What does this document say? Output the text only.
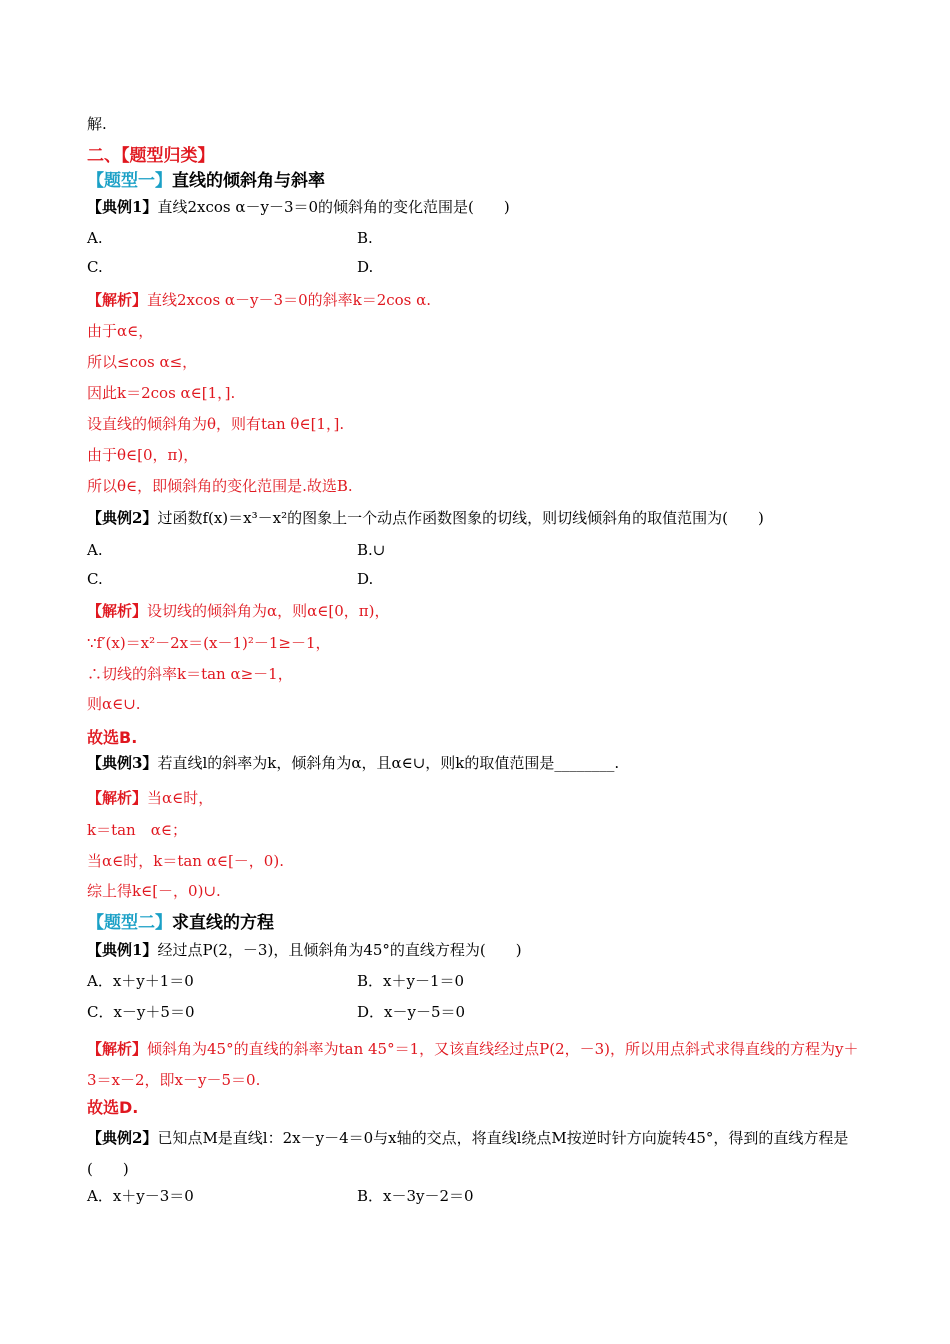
解.
二、【题型归类】
【题型一】直线的倾斜角与斜率
【典例1】直线2xcos α－y－3＝0的倾斜角的变化范围是(　　)
A.	B.
C.	D.
【解析】直线2xcos α－y－3＝0的斜率k＝2cos α.
由于α∈，
所以≤cos α≤，
因此k＝2cos α∈[1，].
设直线的倾斜角为θ，则有tan θ∈[1，].
由于θ∈[0，π)，
所以θ∈，即倾斜角的变化范围是.故选B.
【典例2】过函数f(x)＝x³－x²的图象上一个动点作函数图象的切线，则切线倾斜角的取值范围为(　　)
A.	B.∪
C.	D.
【解析】设切线的倾斜角为α，则α∈[0，π)，
∵f′(x)＝x²－2x＝(x－1)²－1≥－1，
∴切线的斜率k＝tan α≥－1，
则α∈∪.
故选B.
【典例3】若直线l的斜率为k，倾斜角为α，且α∈∪，则k的取值范围是________.
【解析】当α∈时，
k＝tan　α∈；
当α∈时，k＝tan α∈[－，0).
综上得k∈[－，0)∪.
【题型二】求直线的方程
【典例1】经过点P(2，－3)，且倾斜角为45°的直线方程为(　　)
A．x＋y＋1＝0	B．x＋y－1＝0
C．x－y＋5＝0	D．x－y－5＝0
【解析】倾斜角为45°的直线的斜率为tan 45°＝1，又该直线经过点P(2，－3)，所以用点斜式求得直线的方程为y＋3＝x－2，即x－y－5＝0.
故选D.
【典例2】已知点M是直线l：2x－y－4＝0与x轴的交点，将直线l绕点M按逆时针方向旋转45°，得到的直线方程是(　　)
A．x＋y－3＝0	B．x－3y－2＝0
